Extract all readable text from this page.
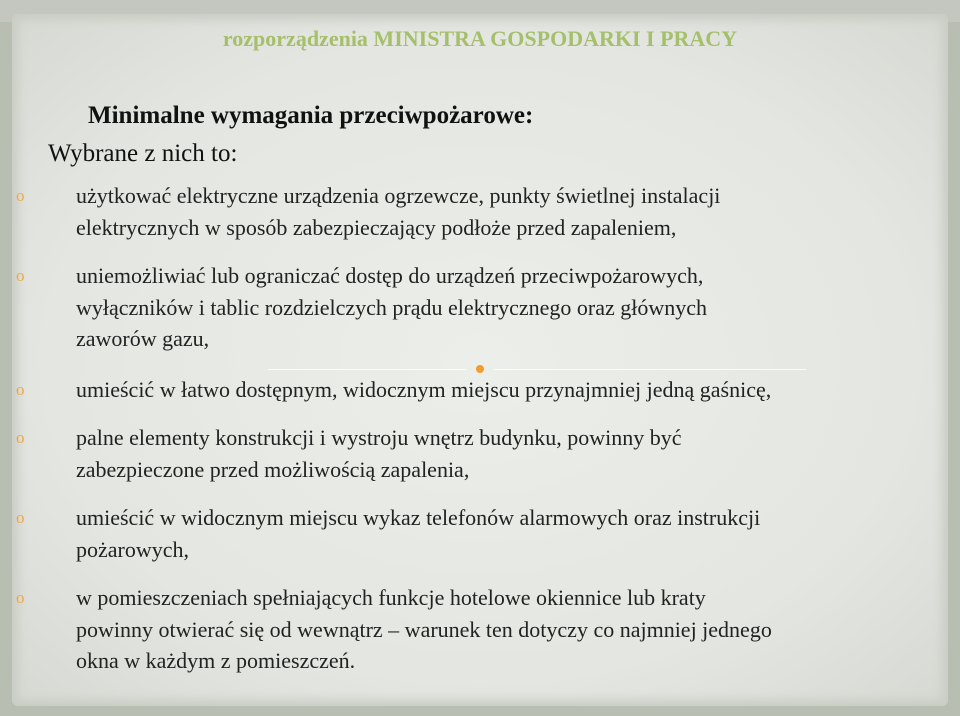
rozporządzenia MINISTRA GOSPODARKI I PRACY
Minimalne wymagania przeciwpożarowe:
Wybrane z nich to:
o użytkować elektryczne urządzenia ogrzewcze, punkty świetlnej instalacji
elektrycznych w sposób zabezpieczający podłoże przed zapaleniem,
o uniemożliwiać lub ograniczać dostęp do urządzeń przeciwpożarowych,
wyłączników i tablic rozdzielczych prądu elektrycznego oraz głównych
zaworów gazu,
o umieścić w łatwo dostępnym, widocznym miejscu przynajmniej jedną gaśnicę,
o palne elementy konstrukcji i wystroju wnętrz budynku, powinny być
zabezpieczone przed możliwością zapalenia,
o umieścić w widocznym miejscu wykaz telefonów alarmowych oraz instrukcji
pożarowych,
o w pomieszczeniach spełniających funkcje hotelowe okiennice lub kraty
powinny otwierać się od wewnątrz – warunek ten dotyczy co najmniej jednego
okna w każdym z pomieszczeń.
